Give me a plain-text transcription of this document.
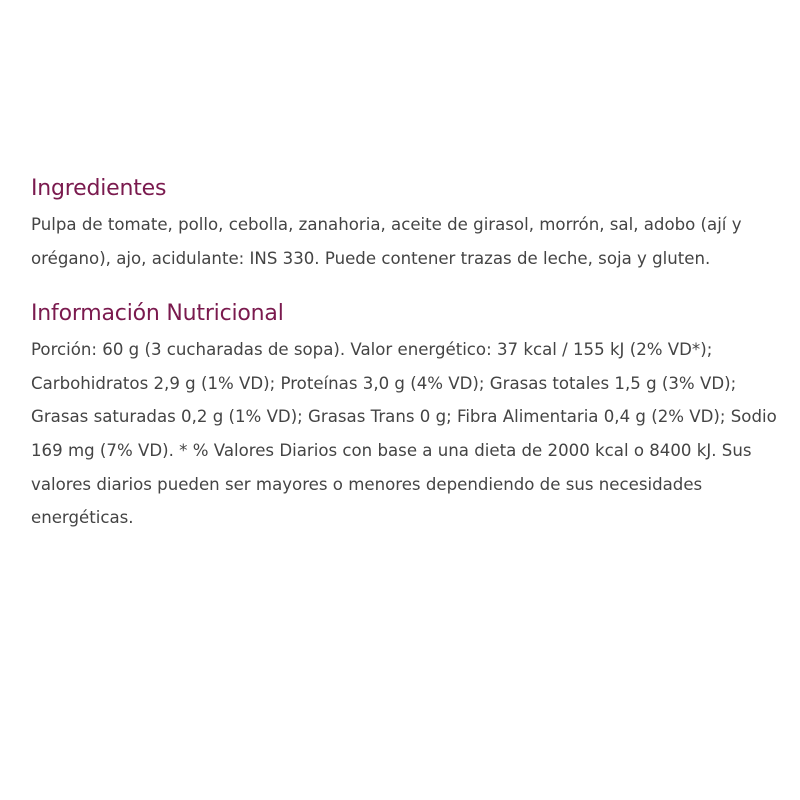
Ingredientes

Pulpa de tomate, pollo, cebolla, zanahoria, aceite de girasol, morrón, sal, adobo (ají y orégano), ajo, acidulante: INS 330. Puede contener trazas de leche, soja y gluten.

Información Nutricional

Porción: 60 g (3 cucharadas de sopa). Valor energético: 37 kcal / 155 kJ (2% VD*); Carbohidratos 2,9 g (1% VD); Proteínas 3,0 g (4% VD); Grasas totales 1,5 g (3% VD); Grasas saturadas 0,2 g (1% VD); Grasas Trans 0 g; Fibra Alimentaria 0,4 g (2% VD); Sodio 169 mg (7% VD). * % Valores Diarios con base a una dieta de 2000 kcal o 8400 kJ. Sus valores diarios pueden ser mayores o menores dependiendo de sus necesidades energéticas.
